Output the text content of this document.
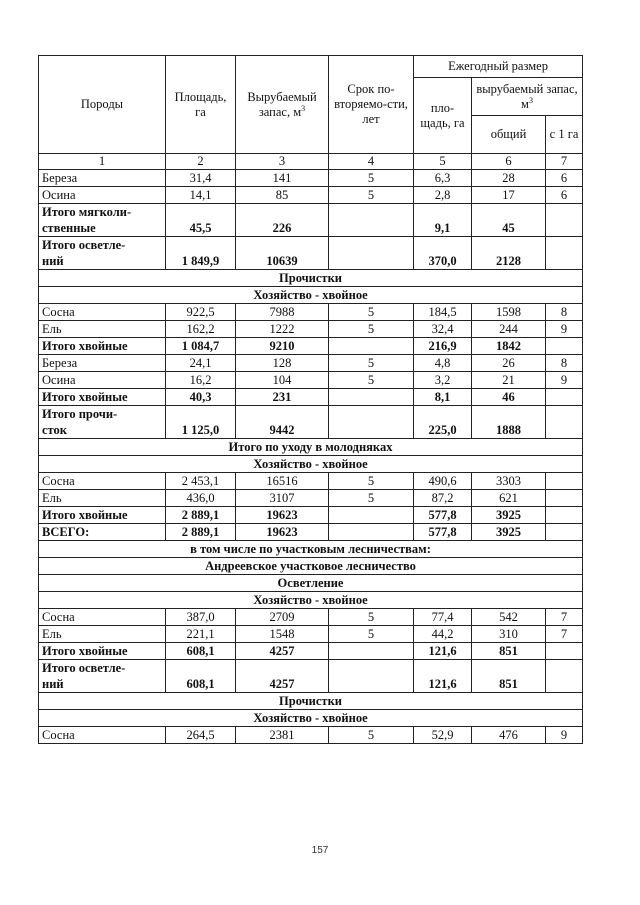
Породы	Площадь, га	Вырубаемый запас, $м^3$	Срок по-вторяемо-сти, лет	Ежегодный размер		
				пло-щадь, га	вырубаемый запас, $м^3$
					общий	с 1 га
1	2	3	4	5	6	7
Береза	31,4	141	5	6,3	28	6
Осина	14,1	85	5	2,8	17	6
Итого мягколи-
ственные	45,5	226		9,1	45	
Итого осветле-
ний	1 849,9	10639		370,0	2128	
Прочистки						
Хозяйство - хвойное						
Сосна	922,5	7988	5	184,5	1598	8
Ель	162,2	1222	5	32,4	244	9
Итого хвойные	1 084,7	9210		216,9	1842	
Береза	24,1	128	5	4,8	26	8
Осина	16,2	104	5	3,2	21	9
Итого хвойные	40,3	231		8,1	46	
Итого прочи-
сток	1 125,0	9442		225,0	1888	
Итого по уходу в молодняках						
Хозяйство - хвойное						
Сосна	2 453,1	16516	5	490,6	3303	
Ель	436,0	3107	5	87,2	621	
Итого хвойные	2 889,1	19623		577,8	3925	
ВСЕГО:	2 889,1	19623		577,8	3925	
в том числе по участковым лесничествам:						
Андреевское участковое лесничество						
Осветление						
Хозяйство - хвойное						
Сосна	387,0	2709	5	77,4	542	7
Ель	221,1	1548	5	44,2	310	7
Итого хвойные	608,1	4257		121,6	851	
Итого осветле-
ний	608,1	4257		121,6	851	
Прочистки						
Хозяйство - хвойное						
Сосна	264,5	2381	5	52,9	476	9
157
